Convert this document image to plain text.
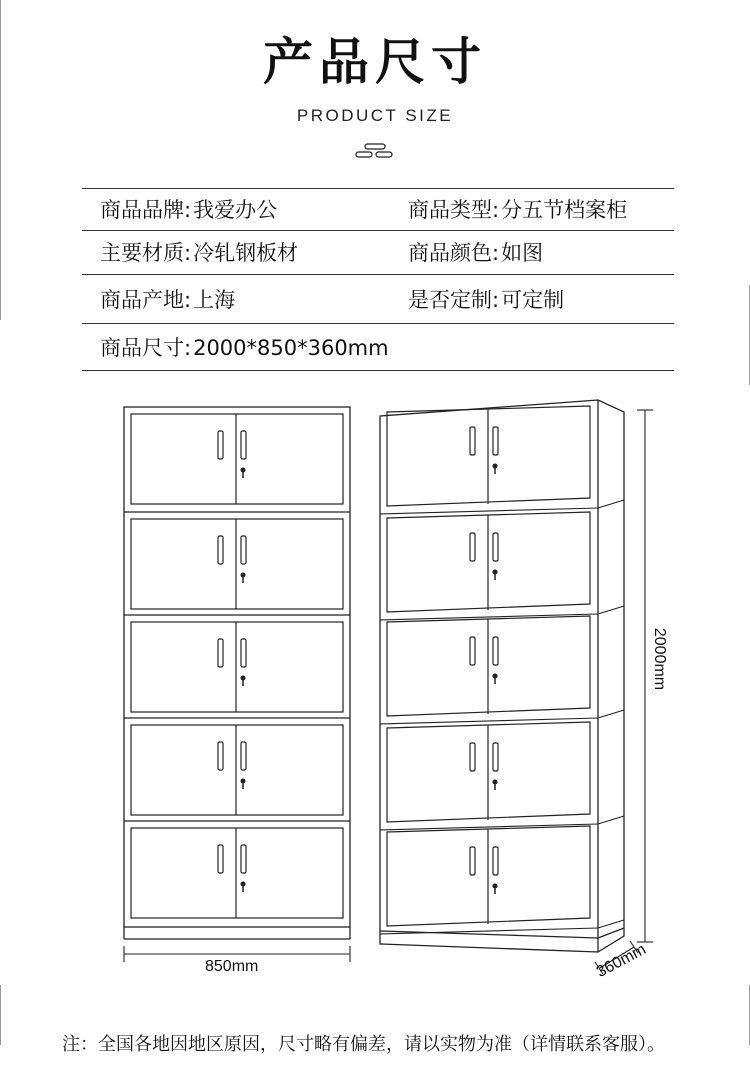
产品尺寸
PRODUCT SIZE
商品品牌:我爱办公	商品类型:分五节档案柜
主要材质:冷轧钢板材	商品颜色:如图
商品产地:上海	是否定制:可定制
商品尺寸:2000*850*360mm
850mm
2000mm
360mm
注：全国各地因地区原因，尺寸略有偏差，请以实物为准（详情联系客服）。
